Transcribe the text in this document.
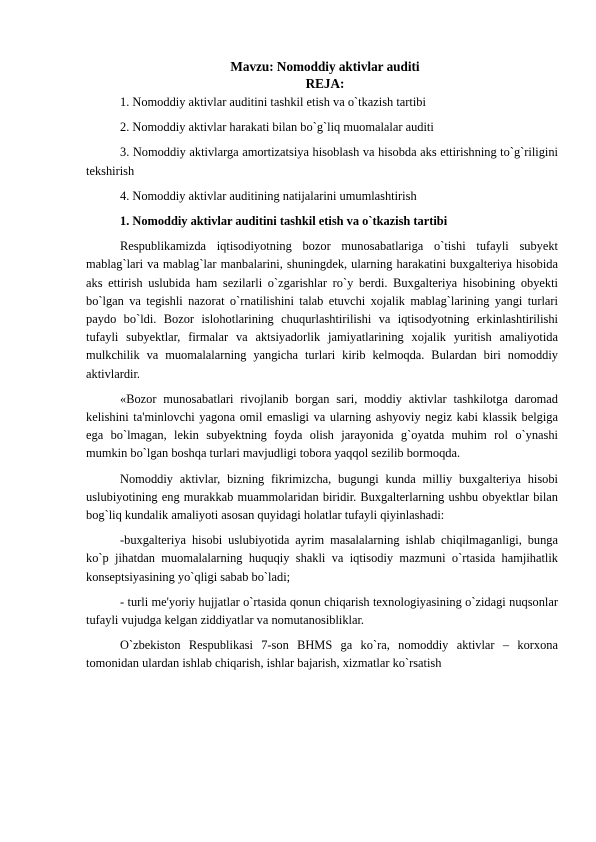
Mavzu: Nomoddiy aktivlar auditi

REJA:

1. Nomoddiy aktivlar auditini tashkil etish va o`tkazish tartibi

2. Nomoddiy aktivlar harakati bilan bo`g`liq muomalalar auditi

3. Nomoddiy aktivlarga amortizatsiya hisoblash va hisobda aks ettirishning to`g`riligini tekshirish

4. Nomoddiy aktivlar auditining natijalarini umumlashtirish

1. Nomoddiy aktivlar auditini tashkil etish va o`tkazish tartibi

Respublikamizda iqtisodiyotning bozor munosabatlariga o`tishi tufayli subyekt mablag`lari va mablag`lar manbalarini, shuningdek, ularning harakatini buxgalteriya hisobida aks ettirish uslubida ham sezilarli o`zgarishlar ro`y berdi. Buxgalteriya hisobining obyekti bo`lgan va tegishli nazorat o`rnatilishini talab etuvchi xojalik mablag`larining yangi turlari paydo bo`ldi. Bozor islohotlarining chuqurlashtirilishi va iqtisodyotning erkinlashtirilishi tufayli subyektlar, firmalar va aktsiyadorlik jamiyatlarining xojalik yuritish amaliyotida mulkchilik va muomalalarning yangicha turlari kirib kelmoqda. Bulardan biri nomoddiy aktivlardir.

«Bozor munosabatlari rivojlanib borgan sari, moddiy aktivlar tashkilotga daromad kelishini ta'minlovchi yagona omil emasligi va ularning ashyoviy negiz kabi klassik belgiga ega bo`lmagan, lekin subyektning foyda olish jarayonida g`oyatda muhim rol o`ynashi mumkin bo`lgan boshqa turlari mavjudligi tobora yaqqol sezilib bormoqda.

Nomoddiy aktivlar, bizning fikrimizcha, bugungi kunda milliy buxgalteriya hisobi uslubiyotining eng murakkab muammolaridan biridir. Buxgalterlarning ushbu obyektlar bilan bog`liq kundalik amaliyoti asosan quyidagi holatlar tufayli qiyinlashadi:

-buxgalteriya hisobi uslubiyotida ayrim masalalarning ishlab chiqilmaganligi, bunga ko`p jihatdan muomalalarning huquqiy shakli va iqtisodiy mazmuni o`rtasida hamjihatlik konseptsiyasining yo`qligi sabab bo`ladi;

- turli me'yoriy hujjatlar o`rtasida qonun chiqarish texnologiyasining o`zidagi nuqsonlar tufayli vujudga kelgan ziddiyatlar va nomutanosibliklar.

O`zbekiston Respublikasi 7-son BHMS ga ko`ra, nomoddiy aktivlar – korxona tomonidan ulardan ishlab chiqarish, ishlar bajarish, xizmatlar ko`rsatish
